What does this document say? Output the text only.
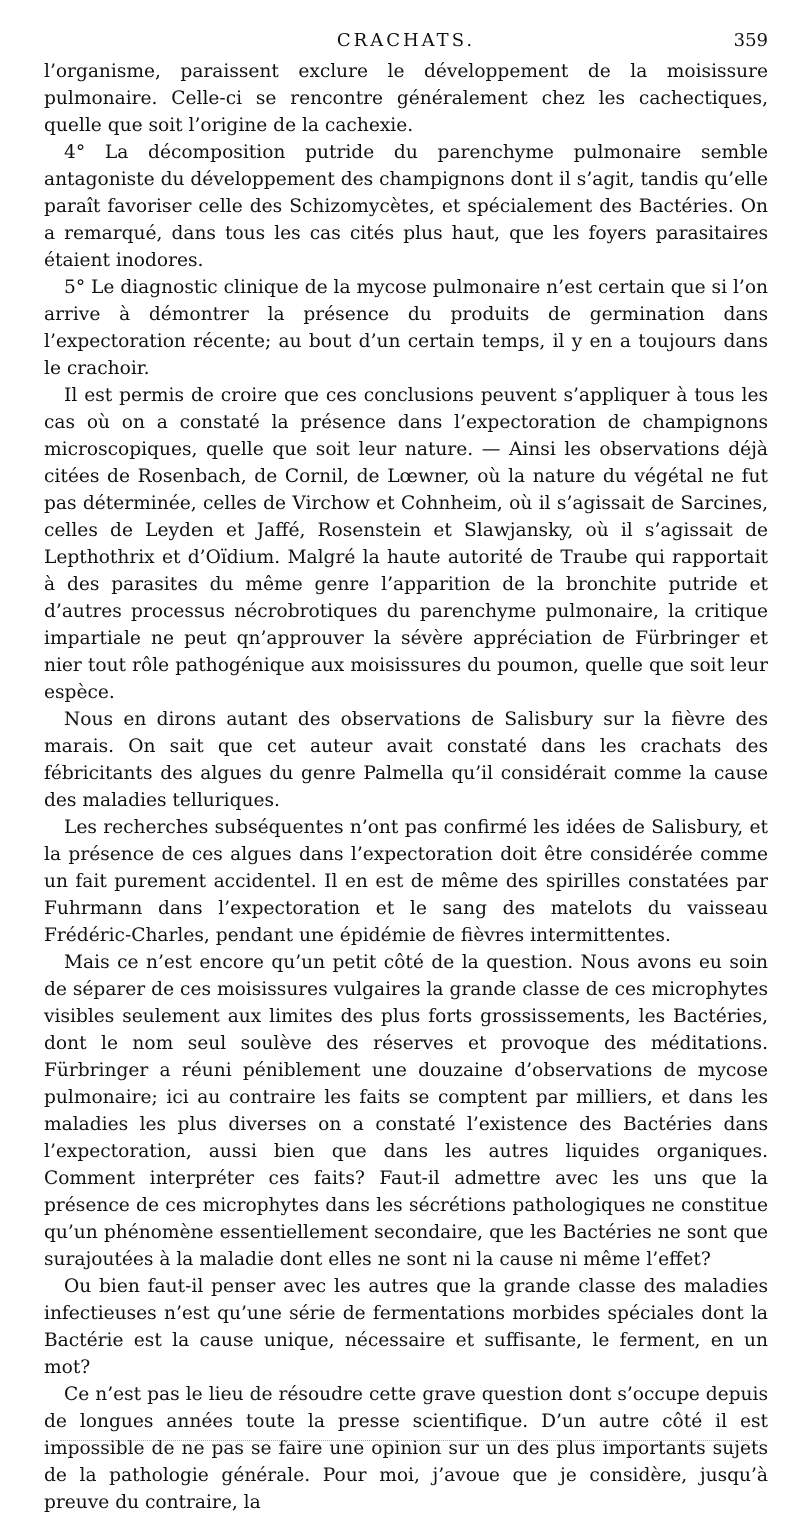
CRACHATS.	359

l’organisme, paraissent exclure le développement de la moisissure pulmonaire. Celle-ci se rencontre généralement chez les cachectiques, quelle que soit l’origine de la cachexie.

4° La décomposition putride du parenchyme pulmonaire semble antagoniste du développement des champignons dont il s’agit, tandis qu’elle paraît favoriser celle des Schizomycètes, et spécialement des Bactéries. On a remarqué, dans tous les cas cités plus haut, que les foyers parasitaires étaient inodores.

5° Le diagnostic clinique de la mycose pulmonaire n’est certain que si l’on arrive à démontrer la présence du produits de germination dans l’expectoration récente; au bout d’un certain temps, il y en a toujours dans le crachoir.

Il est permis de croire que ces conclusions peuvent s’appliquer à tous les cas où on a constaté la présence dans l’expectoration de champignons microscopiques, quelle que soit leur nature. — Ainsi les observations déjà citées de Rosenbach, de Cornil, de Lœwner, où la nature du végétal ne fut pas déterminée, celles de Virchow et Cohnheim, où il s’agissait de Sarcines, celles de Leyden et Jaffé, Rosenstein et Slawjansky, où il s’agissait de Lepthothrix et d’Oïdium. Malgré la haute autorité de Traube qui rapportait à des parasites du même genre l’apparition de la bronchite putride et d’autres processus nécrobrotiques du parenchyme pulmonaire, la critique impartiale ne peut qn’approuver la sévère appréciation de Fürbringer et nier tout rôle pathogénique aux moisissures du poumon, quelle que soit leur espèce.

Nous en dirons autant des observations de Salisbury sur la fièvre des marais. On sait que cet auteur avait constaté dans les crachats des fébricitants des algues du genre Palmella qu’il considérait comme la cause des maladies telluriques.

Les recherches subséquentes n’ont pas confirmé les idées de Salisbury, et la présence de ces algues dans l’expectoration doit être considérée comme un fait purement accidentel. Il en est de même des spirilles constatées par Fuhrmann dans l’expectoration et le sang des matelots du vaisseau Frédéric-Charles, pendant une épidémie de fièvres intermittentes.

Mais ce n’est encore qu’un petit côté de la question. Nous avons eu soin de séparer de ces moisissures vulgaires la grande classe de ces microphytes visibles seulement aux limites des plus forts grossissements, les Bactéries, dont le nom seul soulève des réserves et provoque des méditations. Fürbringer a réuni péniblement une douzaine d’observations de mycose pulmonaire; ici au contraire les faits se comptent par milliers, et dans les maladies les plus diverses on a constaté l’existence des Bactéries dans l’expectoration, aussi bien que dans les autres liquides organiques. Comment interpréter ces faits? Faut-il admettre avec les uns que la présence de ces microphytes dans les sécrétions pathologiques ne constitue qu’un phénomène essentiellement secondaire, que les Bactéries ne sont que surajoutées à la maladie dont elles ne sont ni la cause ni même l’effet?

Ou bien faut-il penser avec les autres que la grande classe des maladies infectieuses n’est qu’une série de fermentations morbides spéciales dont la Bactérie est la cause unique, nécessaire et suffisante, le ferment, en un mot?

Ce n’est pas le lieu de résoudre cette grave question dont s’occupe depuis de longues années toute la presse scientifique. D’un autre côté il est impossible de ne pas se faire une opinion sur un des plus importants sujets de la pathologie générale. Pour moi, j’avoue que je considère, jusqu’à preuve du contraire, la
